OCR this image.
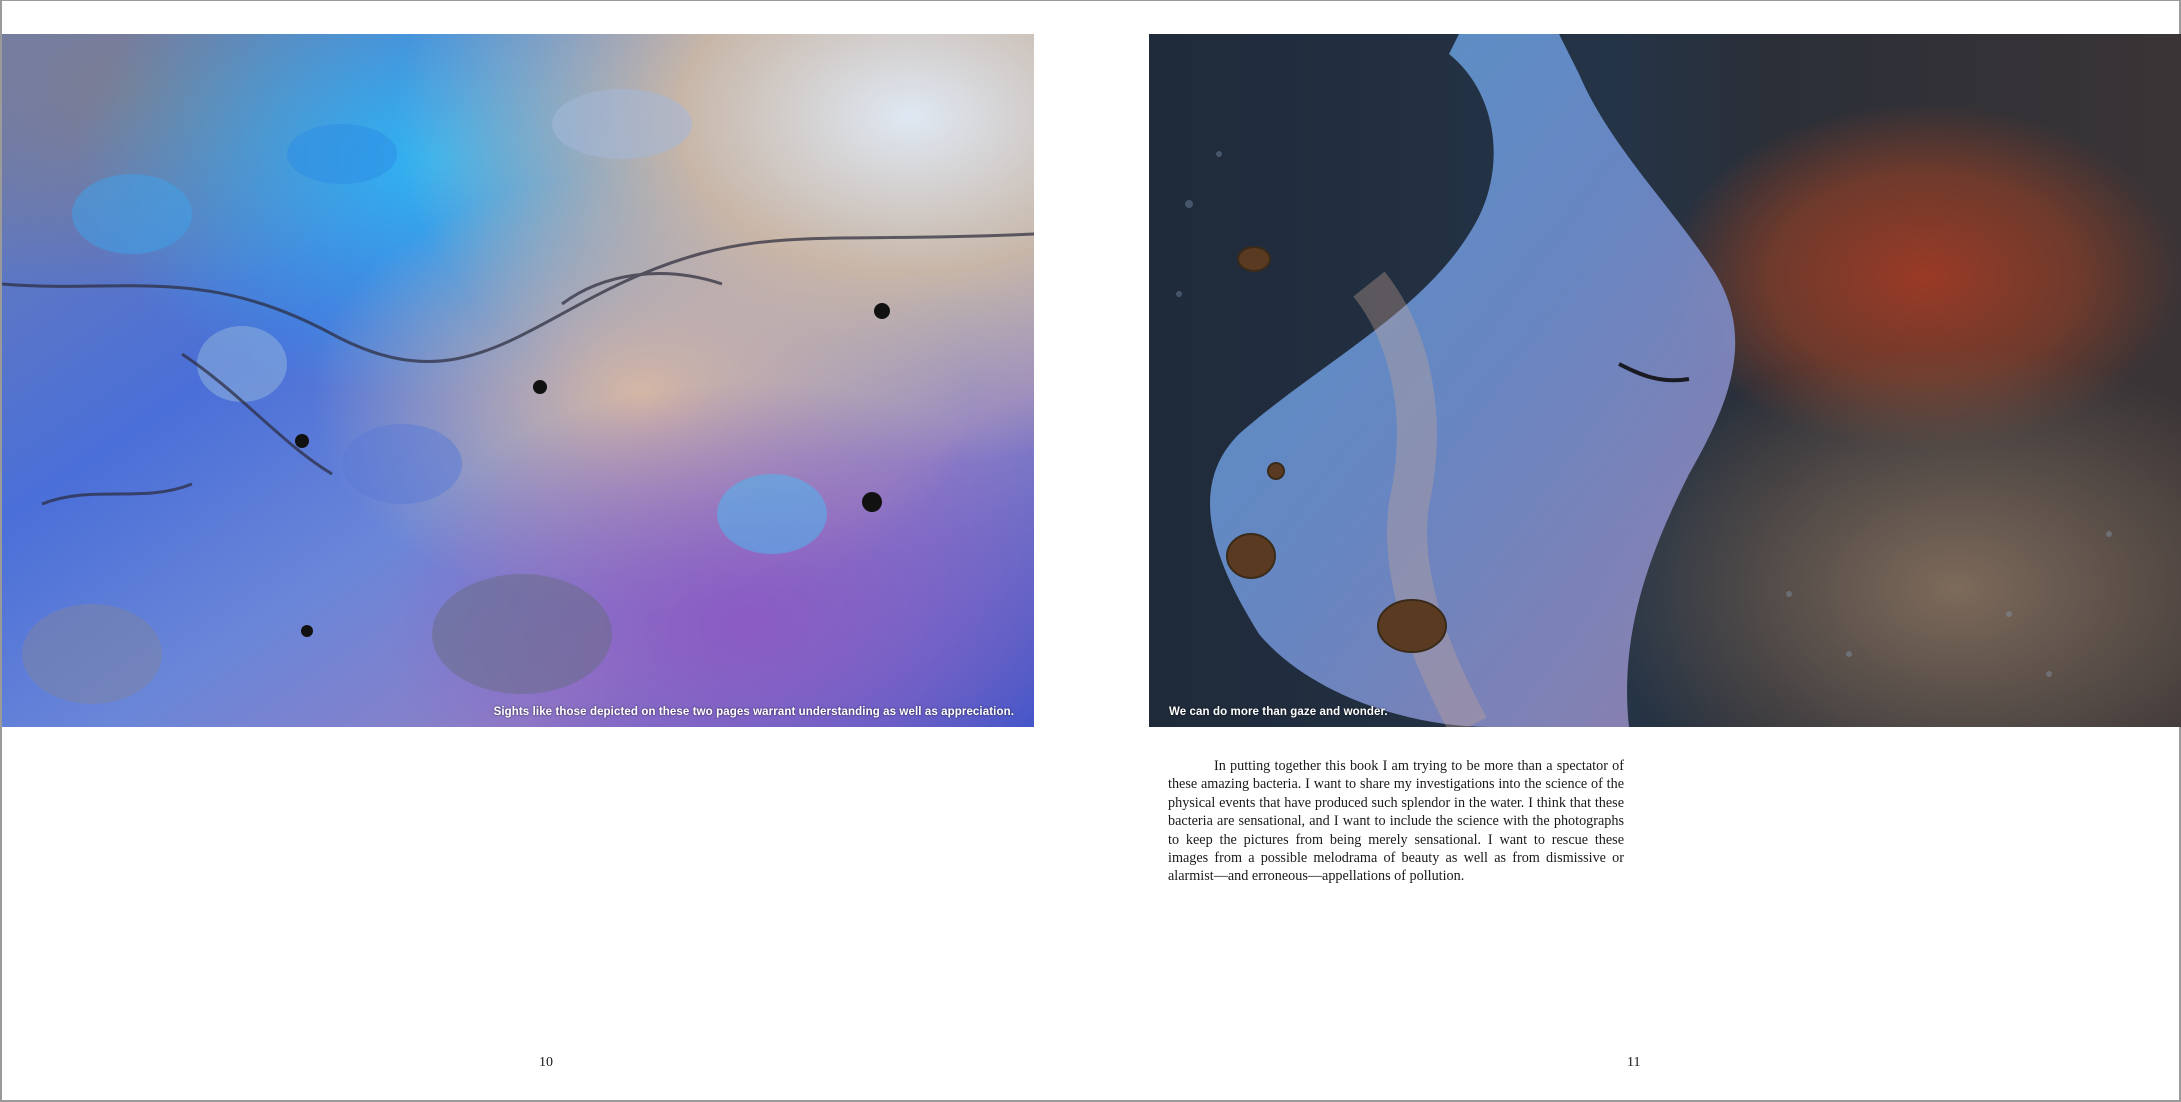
Sights like those depicted on these two pages warrant understanding as well as appreciation.
10
We can do more than gaze and wonder.

In putting together this book I am trying to be more than a spectator of these amazing bacteria. I want to share my investigations into the science of the physical events that have produced such splendor in the water. I think that these bacteria are sensational, and I want to include the science with the photographs to keep the pictures from being merely sensational. I want to rescue these images from a possible melodrama of beauty as well as from dismissive or alarmist—and erroneous—appellations of pollution.

11
